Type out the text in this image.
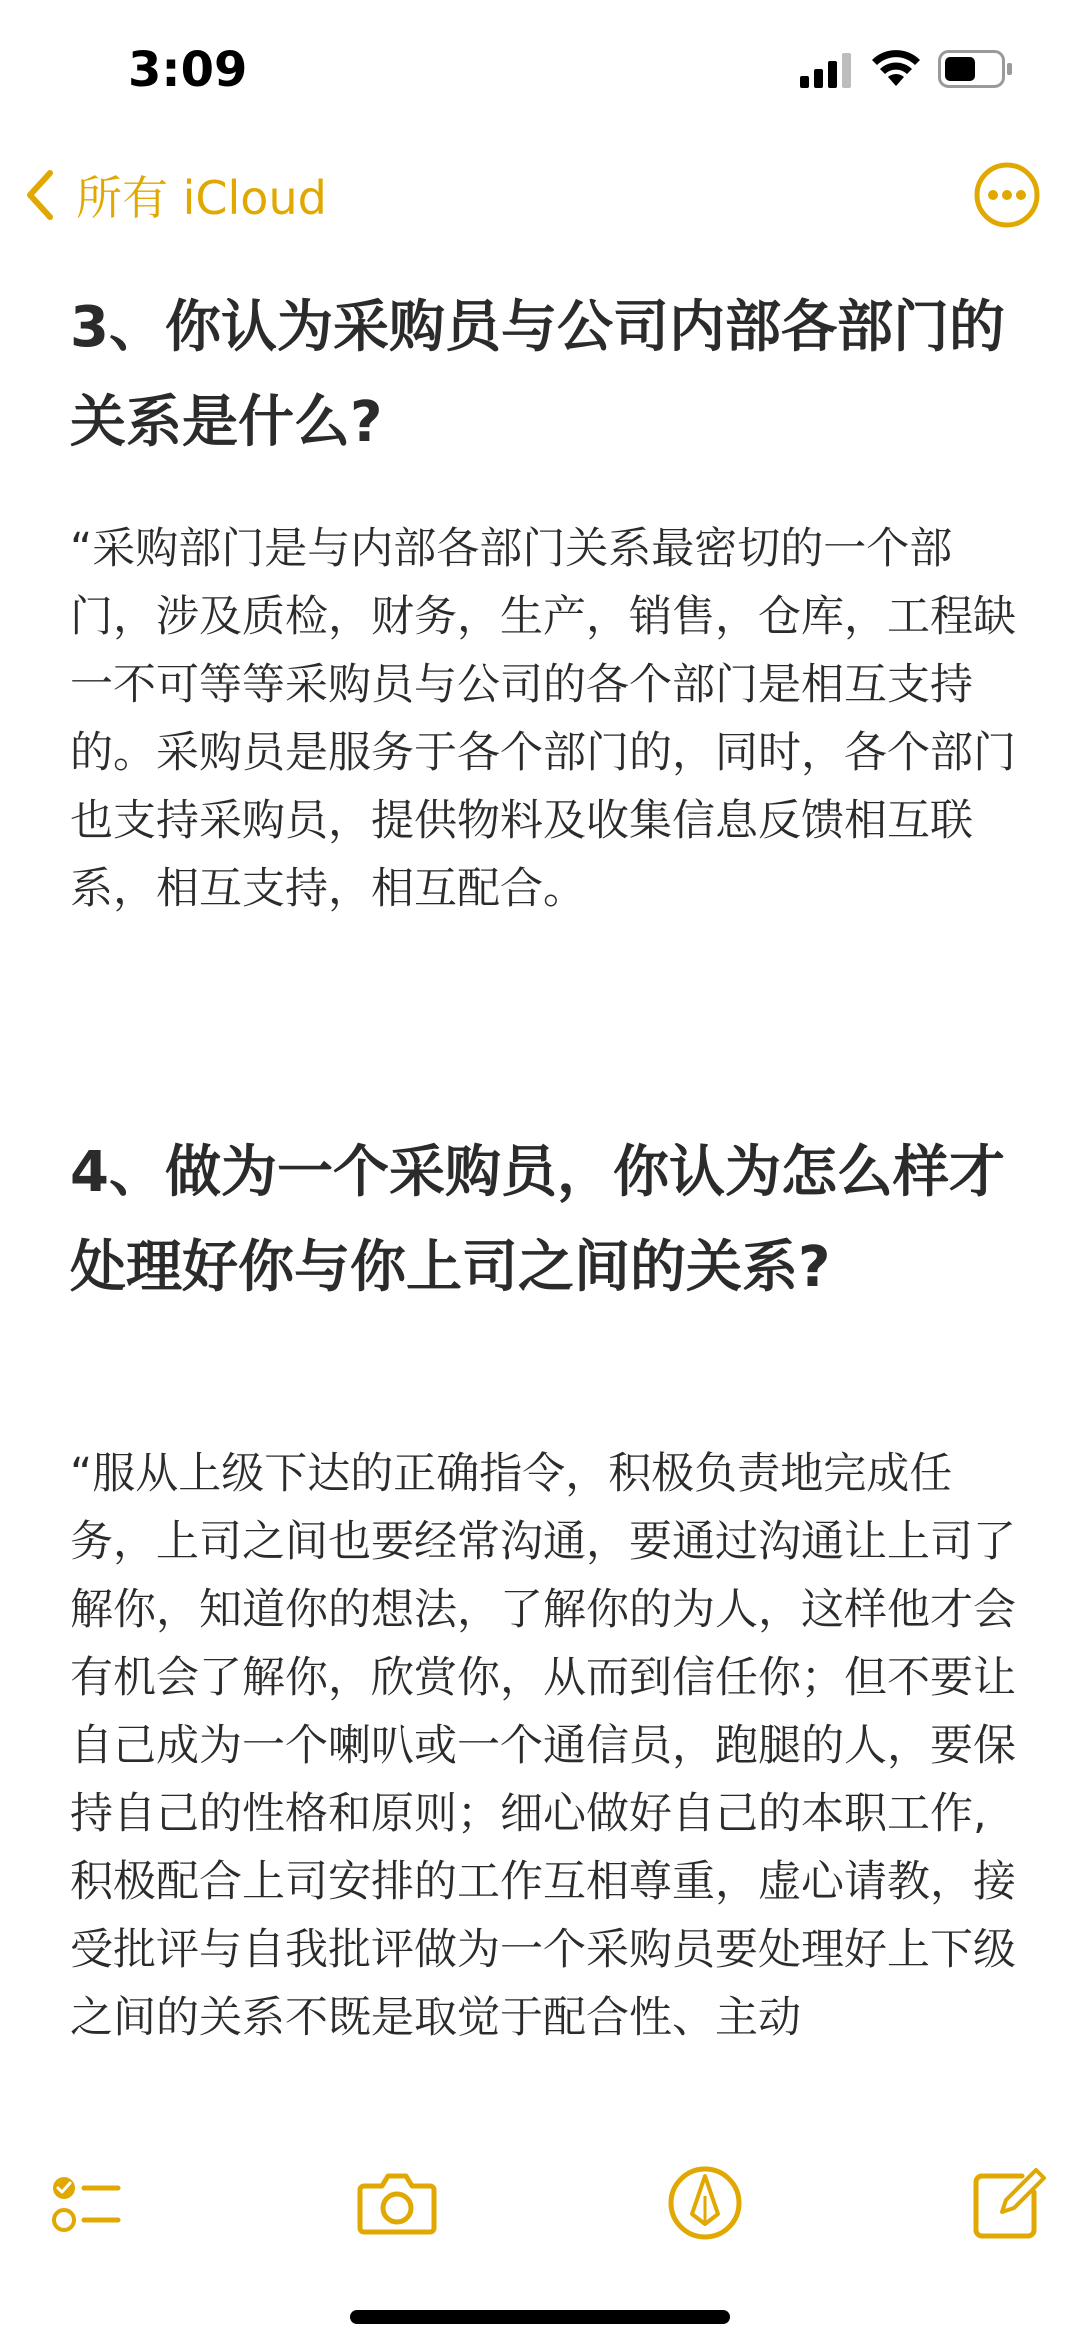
3:09
所有 iCloud
3、你认为采购员与公司内部各部门的关系是什么?

“采购部门是与内部各部门关系最密切的一个部门，涉及质检，财务，生产，销售，仓库，工程缺一不可等等采购员与公司的各个部门是相互支持的。采购员是服务于各个部门的，同时，各个部门也支持采购员，提供物料及收集信息反馈相互联系，相互支持，相互配合。

4、做为一个采购员，你认为怎么样才处理好你与你上司之间的关系?

“服从上级下达的正确指令，积极负责地完成任务，上司之间也要经常沟通，要通过沟通让上司了解你，知道你的想法，了解你的为人，这样他才会有机会了解你，欣赏你，从而到信任你；但不要让自己成为一个喇叭或一个通信员，跑腿的人，要保持自己的性格和原则；细心做好自己的本职工作,积极配合上司安排的工作互相尊重，虚心请教，接受批评与自我批评做为一个采购员要处理好上下级之间的关系不既是取觉于配合性、主动
